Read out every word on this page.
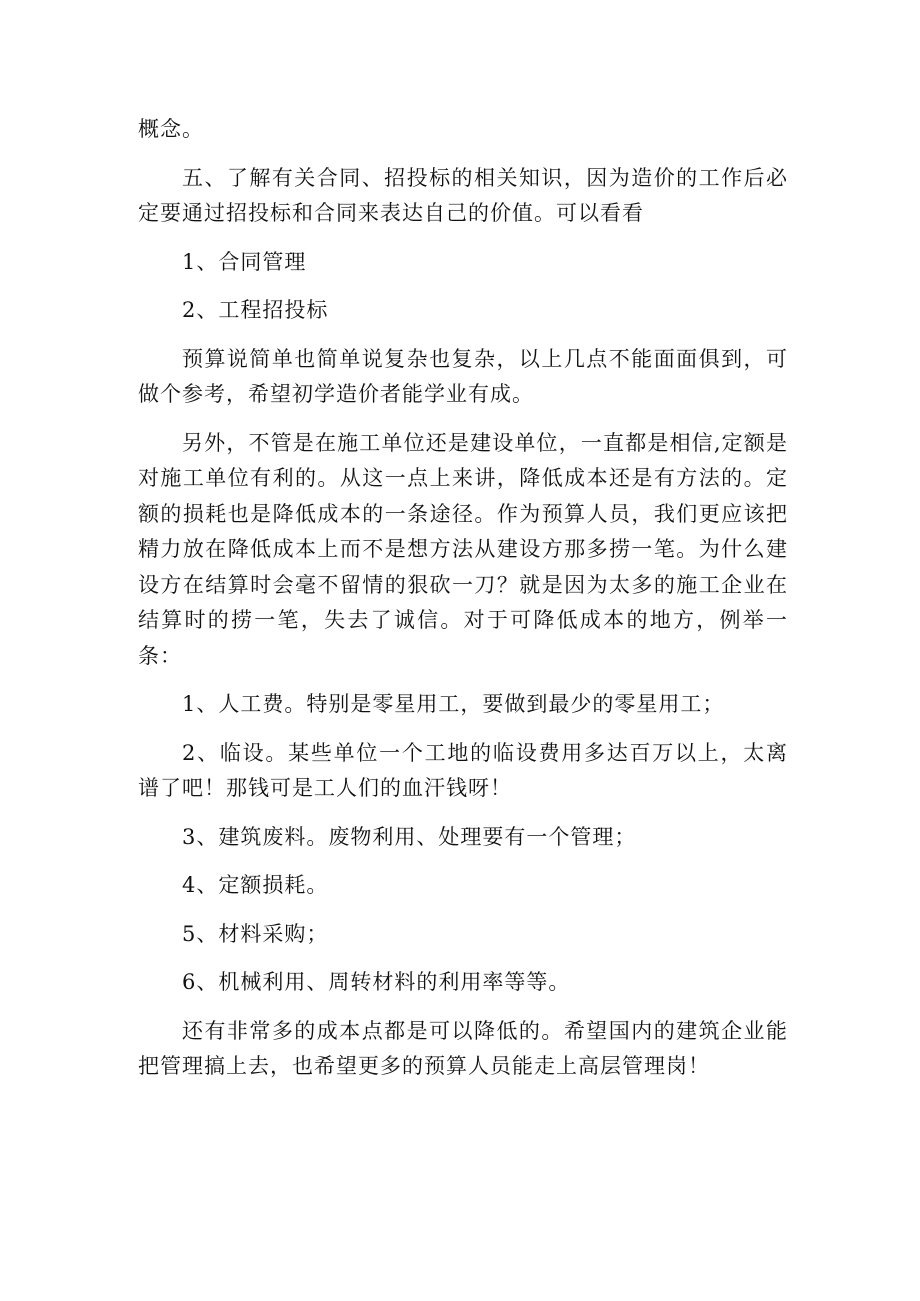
概念。

五、了解有关合同、招投标的相关知识，因为造价的工作后必定要通过招投标和合同来表达自己的价值。可以看看

1、合同管理

2、工程招投标

预算说简单也简单说复杂也复杂，以上几点不能面面俱到，可做个参考，希望初学造价者能学业有成。

另外，不管是在施工单位还是建设单位，一直都是相信,定额是对施工单位有利的。从这一点上来讲，降低成本还是有方法的。定额的损耗也是降低成本的一条途径。作为预算人员，我们更应该把精力放在降低成本上而不是想方法从建设方那多捞一笔。为什么建设方在结算时会毫不留情的狠砍一刀？就是因为太多的施工企业在结算时的捞一笔，失去了诚信。对于可降低成本的地方，例举一条：

1、人工费。特别是零星用工，要做到最少的零星用工；

2、临设。某些单位一个工地的临设费用多达百万以上，太离谱了吧！那钱可是工人们的血汗钱呀！

3、建筑废料。废物利用、处理要有一个管理；

4、定额损耗。

5、材料采购；

6、机械利用、周转材料的利用率等等。

还有非常多的成本点都是可以降低的。希望国内的建筑企业能把管理搞上去，也希望更多的预算人员能走上高层管理岗！
